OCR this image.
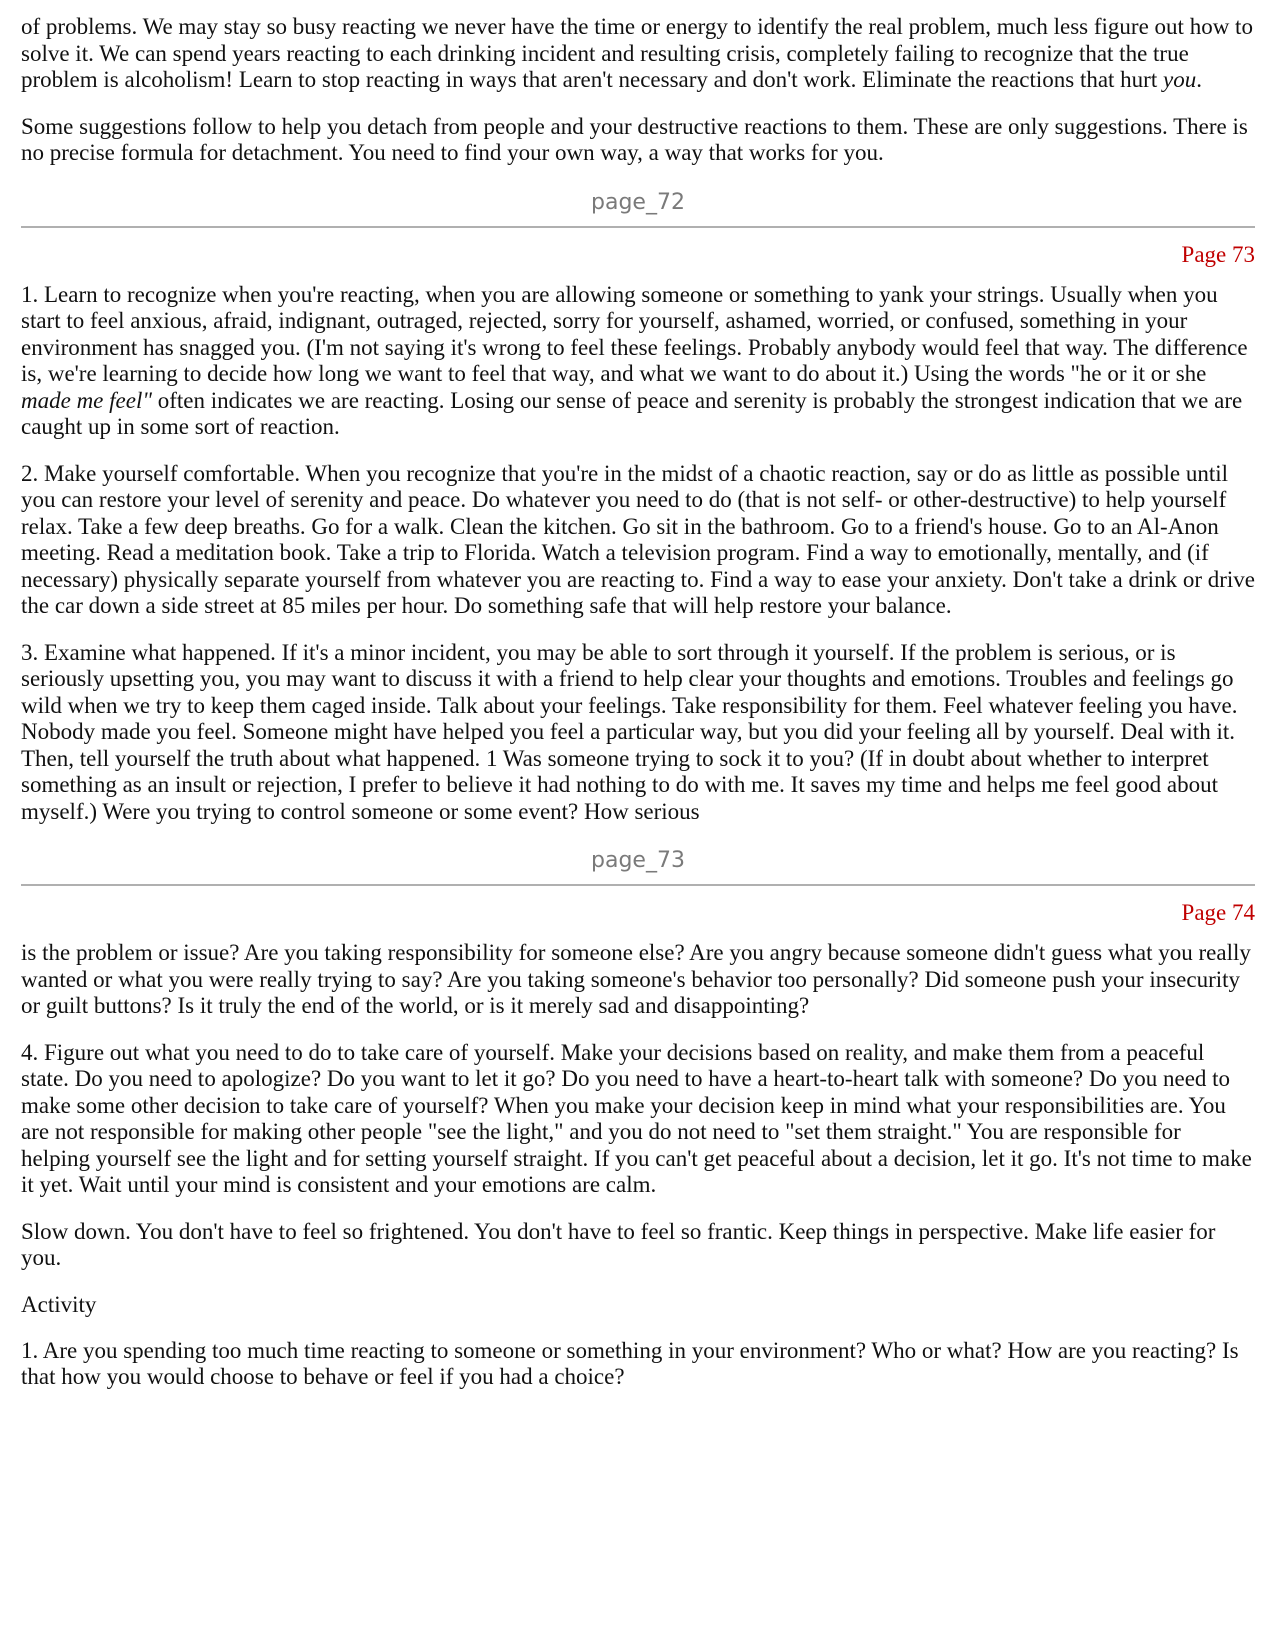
of problems. We may stay so busy reacting we never have the time or energy to identify the real problem, much less figure out how to solve it. We can spend years reacting to each drinking incident and resulting crisis, completely failing to recognize that the true problem is alcoholism! Learn to stop reacting in ways that aren't necessary and don't work. Eliminate the reactions that hurt you.

Some suggestions follow to help you detach from people and your destructive reactions to them. These are only suggestions. There is no precise formula for detachment. You need to find your own way, a way that works for you.

page_72
Page 73

1. Learn to recognize when you're reacting, when you are allowing someone or something to yank your strings. Usually when you start to feel anxious, afraid, indignant, outraged, rejected, sorry for yourself, ashamed, worried, or confused, something in your environment has snagged you. (I'm not saying it's wrong to feel these feelings. Probably anybody would feel that way. The difference is, we're learning to decide how long we want to feel that way, and what we want to do about it.) Using the words "he or it or she made me feel" often indicates we are reacting. Losing our sense of peace and serenity is probably the strongest indication that we are caught up in some sort of reaction.

2. Make yourself comfortable. When you recognize that you're in the midst of a chaotic reaction, say or do as little as possible until you can restore your level of serenity and peace. Do whatever you need to do (that is not self- or other-destructive) to help yourself relax. Take a few deep breaths. Go for a walk. Clean the kitchen. Go sit in the bathroom. Go to a friend's house. Go to an Al-Anon meeting. Read a meditation book. Take a trip to Florida. Watch a television program. Find a way to emotionally, mentally, and (if necessary) physically separate yourself from whatever you are reacting to. Find a way to ease your anxiety. Don't take a drink or drive the car down a side street at 85 miles per hour. Do something safe that will help restore your balance.

3. Examine what happened. If it's a minor incident, you may be able to sort through it yourself. If the problem is serious, or is seriously upsetting you, you may want to discuss it with a friend to help clear your thoughts and emotions. Troubles and feelings go wild when we try to keep them caged inside. Talk about your feelings. Take responsibility for them. Feel whatever feeling you have. Nobody made you feel. Someone might have helped you feel a particular way, but you did your feeling all by yourself. Deal with it. Then, tell yourself the truth about what happened. 1 Was someone trying to sock it to you? (If in doubt about whether to interpret something as an insult or rejection, I prefer to believe it had nothing to do with me. It saves my time and helps me feel good about myself.) Were you trying to control someone or some event? How serious

page_73
Page 74

is the problem or issue? Are you taking responsibility for someone else? Are you angry because someone didn't guess what you really wanted or what you were really trying to say? Are you taking someone's behavior too personally? Did someone push your insecurity or guilt buttons? Is it truly the end of the world, or is it merely sad and disappointing?

4. Figure out what you need to do to take care of yourself. Make your decisions based on reality, and make them from a peaceful state. Do you need to apologize? Do you want to let it go? Do you need to have a heart-to-heart talk with someone? Do you need to make some other decision to take care of yourself? When you make your decision keep in mind what your responsibilities are. You are not responsible for making other people "see the light," and you do not need to "set them straight." You are responsible for helping yourself see the light and for setting yourself straight. If you can't get peaceful about a decision, let it go. It's not time to make it yet. Wait until your mind is consistent and your emotions are calm.

Slow down. You don't have to feel so frightened. You don't have to feel so frantic. Keep things in perspective. Make life easier for you.

Activity

1. Are you spending too much time reacting to someone or something in your environment? Who or what? How are you reacting? Is that how you would choose to behave or feel if you had a choice?
